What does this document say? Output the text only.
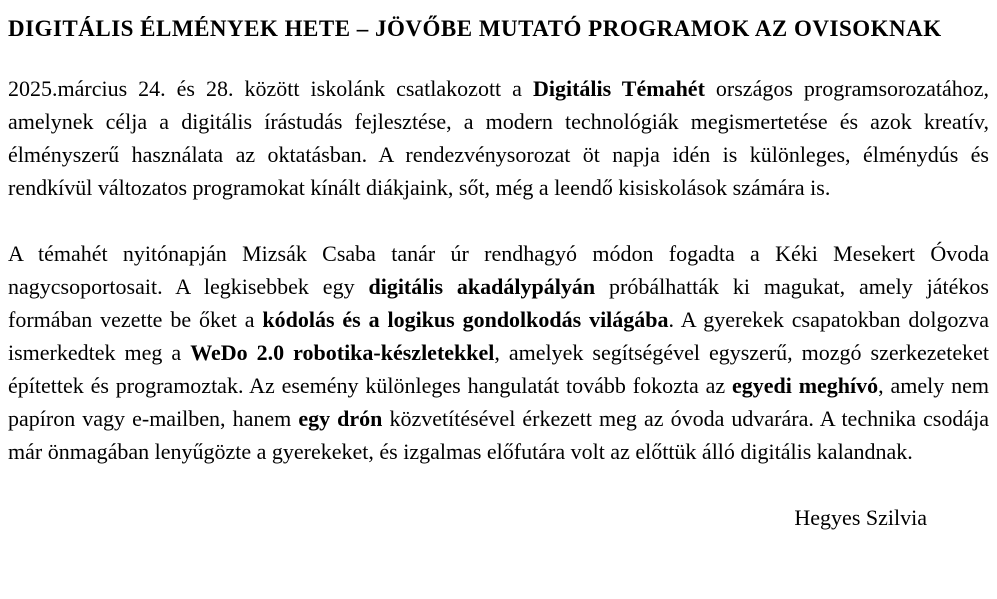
DIGITÁLIS ÉLMÉNYEK HETE – JÖVŐBE MUTATÓ PROGRAMOK AZ OVISOKNAK

2025.március 24. és 28. között iskolánk csatlakozott a Digitális Témahét országos programsorozatához, amelynek célja a digitális írástudás fejlesztése, a modern technológiák megismertetése és azok kreatív, élményszerű használata az oktatásban. A rendezvénysorozat öt napja idén is különleges, élménydús és rendkívül változatos programokat kínált diákjaink, sőt, még a leendő kisiskolások számára is.

A témahét nyitónapján Mizsák Csaba tanár úr rendhagyó módon fogadta a Kéki Mesekert Óvoda nagycsoportosait. A legkisebbek egy digitális akadálypályán próbálhatták ki magukat, amely játékos formában vezette be őket a kódolás és a logikus gondolkodás világába. A gyerekek csapatokban dolgozva ismerkedtek meg a WeDo 2.0 robotika-készletekkel, amelyek segítségével egyszerű, mozgó szerkezeteket építettek és programoztak. Az esemény különleges hangulatát tovább fokozta az egyedi meghívó, amely nem papíron vagy e-mailben, hanem egy drón közvetítésével érkezett meg az óvoda udvarára. A technika csodája már önmagában lenyűgözte a gyerekeket, és izgalmas előfutára volt az előttük álló digitális kalandnak.

Hegyes Szilvia
